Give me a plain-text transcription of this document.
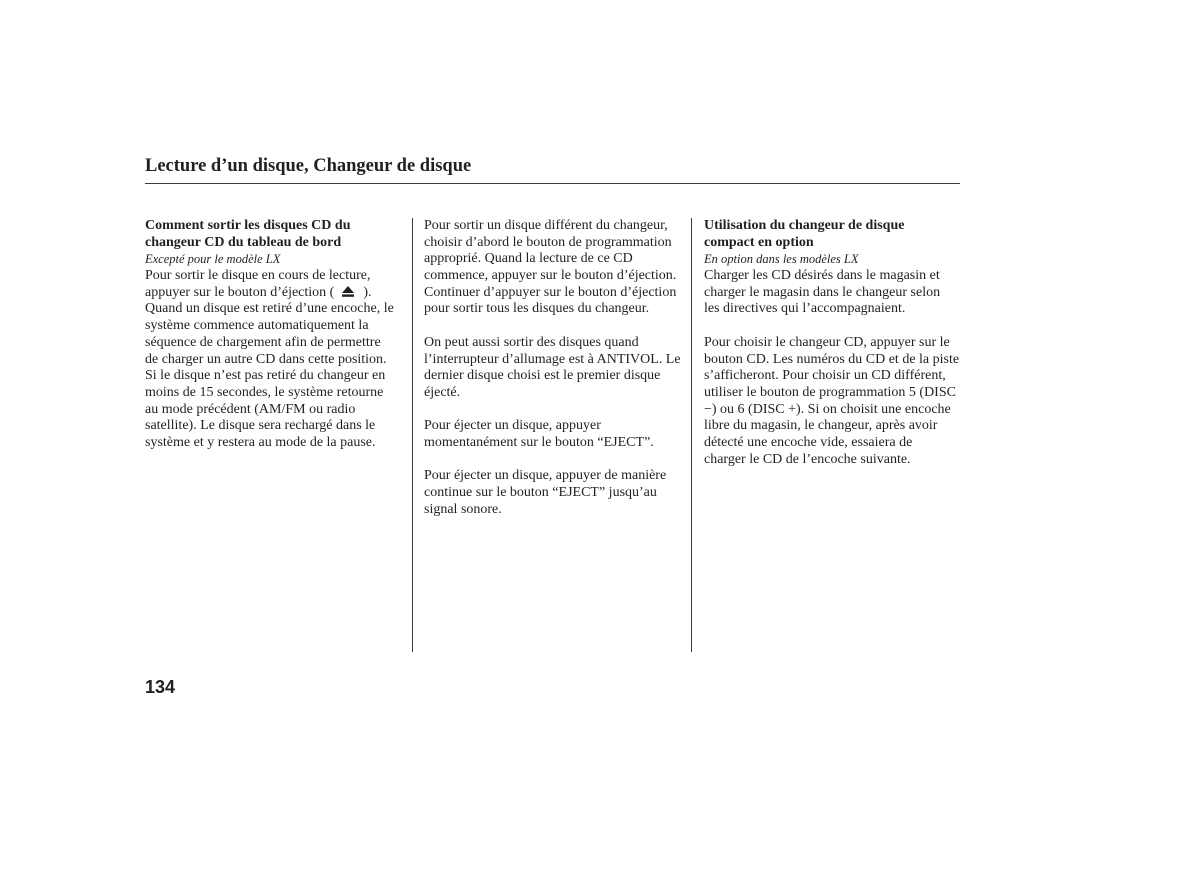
Lecture d’un disque, Changeur de disque
Comment sortir les disques CD du
changeur CD du tableau de bord
Excepté pour le modèle LX
Pour sortir le disque en cours de lecture,
appuyer sur le bouton d’éjection ( ).
Quand un disque est retiré d’une encoche, le
système commence automatiquement la
séquence de chargement afin de permettre
de charger un autre CD dans cette position.
Si le disque n’est pas retiré du changeur en
moins de 15 secondes, le système retourne
au mode précédent (AM/FM ou radio
satellite). Le disque sera rechargé dans le
système et y restera au mode de la pause.
Pour sortir un disque différent du changeur,
choisir d’abord le bouton de programmation
approprié. Quand la lecture de ce CD
commence, appuyer sur le bouton d’éjection.
Continuer d’appuyer sur le bouton d’éjection
pour sortir tous les disques du changeur.
On peut aussi sortir des disques quand
l’interrupteur d’allumage est à ANTIVOL. Le
dernier disque choisi est le premier disque
éjecté.
Pour éjecter un disque, appuyer
momentanément sur le bouton “EJECT”.
Pour éjecter un disque, appuyer de manière
continue sur le bouton “EJECT” jusqu’au
signal sonore.
Utilisation du changeur de disque
compact en option
En option dans les modèles LX
Charger les CD désirés dans le magasin et
charger le magasin dans le changeur selon
les directives qui l’accompagnaient.
Pour choisir le changeur CD, appuyer sur le
bouton CD. Les numéros du CD et de la piste
s’afficheront. Pour choisir un CD différent,
utiliser le bouton de programmation 5 (DISC
−) ou 6 (DISC +). Si on choisit une encoche
libre du magasin, le changeur, après avoir
détecté une encoche vide, essaiera de
charger le CD de l’encoche suivante.
134
